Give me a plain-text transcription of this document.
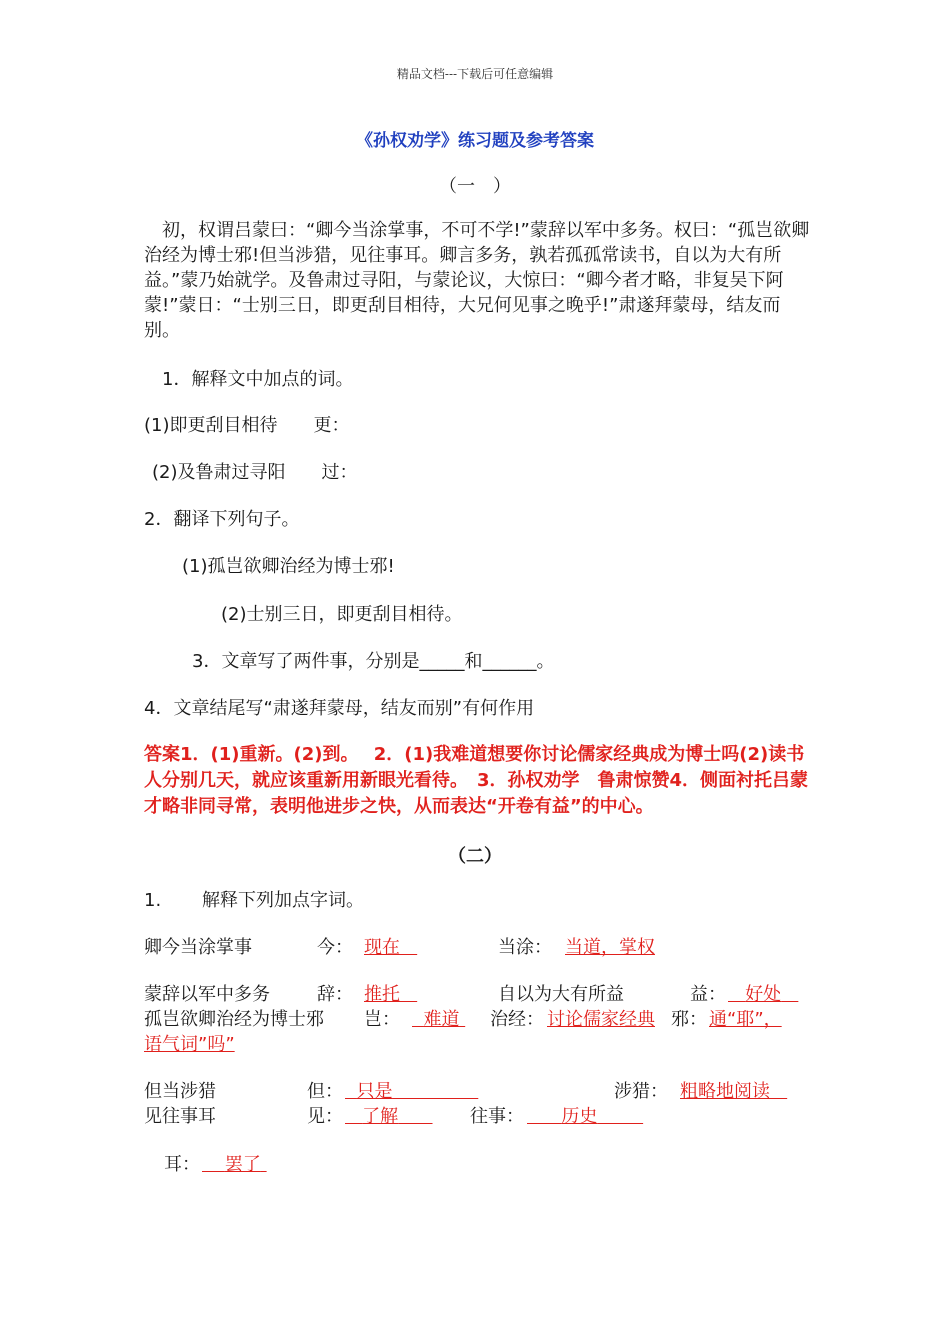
精品文档---下载后可任意编辑
《孙权劝学》练习题及参考答案
（一　）
初，权谓吕蒙曰：“卿今当涂掌事，不可不学!”蒙辞以军中多务。权曰：“孤岂欲卿治经为博士邪!但当涉猎，见往事耳。卿言多务，孰若孤孤常读书，自以为大有所益。”蒙乃始就学。及鲁肃过寻阳，与蒙论议，大惊曰：“卿今者才略，非复吴下阿蒙!”蒙日：“士别三日，即更刮目相待，大兄何见事之晚乎!”肃遂拜蒙母，结友而别。
1．解释文中加点的词。
(1)即更刮目相待　　更：
(2)及鲁肃过寻阳　　过：
2．翻译下列句子。
(1)孤岂欲卿治经为博士邪!
(2)士别三日，即更刮目相待。
3．文章写了两件事，分别是_____和______。
4．文章结尾写“肃遂拜蒙母，结友而别”有何作用
答案1．(1)重新。(2)到。　 2．(1)我难道想要你讨论儒家经典成为博士吗(2)读书人分别几天，就应该重新用新眼光看待。　3．孙权劝学　鲁肃惊赞4．侧面衬托吕蒙才略非同寻常，表明他进步之快，从而表达“开卷有益”的中心。
（二）
1. 解释下列加点字词。
卿今当涂掌事	今： 现在	当涂： 当道，掌权
蒙辞以军中多务	辞： 推托	自以为大有所益	益：	好处
孤岂欲卿治经为博士邪 岂：	难道	治经： 讨论儒家经典 邪： 通“耶”，
语气词”吗”
但当涉猎	但： 只是	涉猎： 粗略地阅读
见往事耳	见：	了解	往事：	历史
耳：	罢了
